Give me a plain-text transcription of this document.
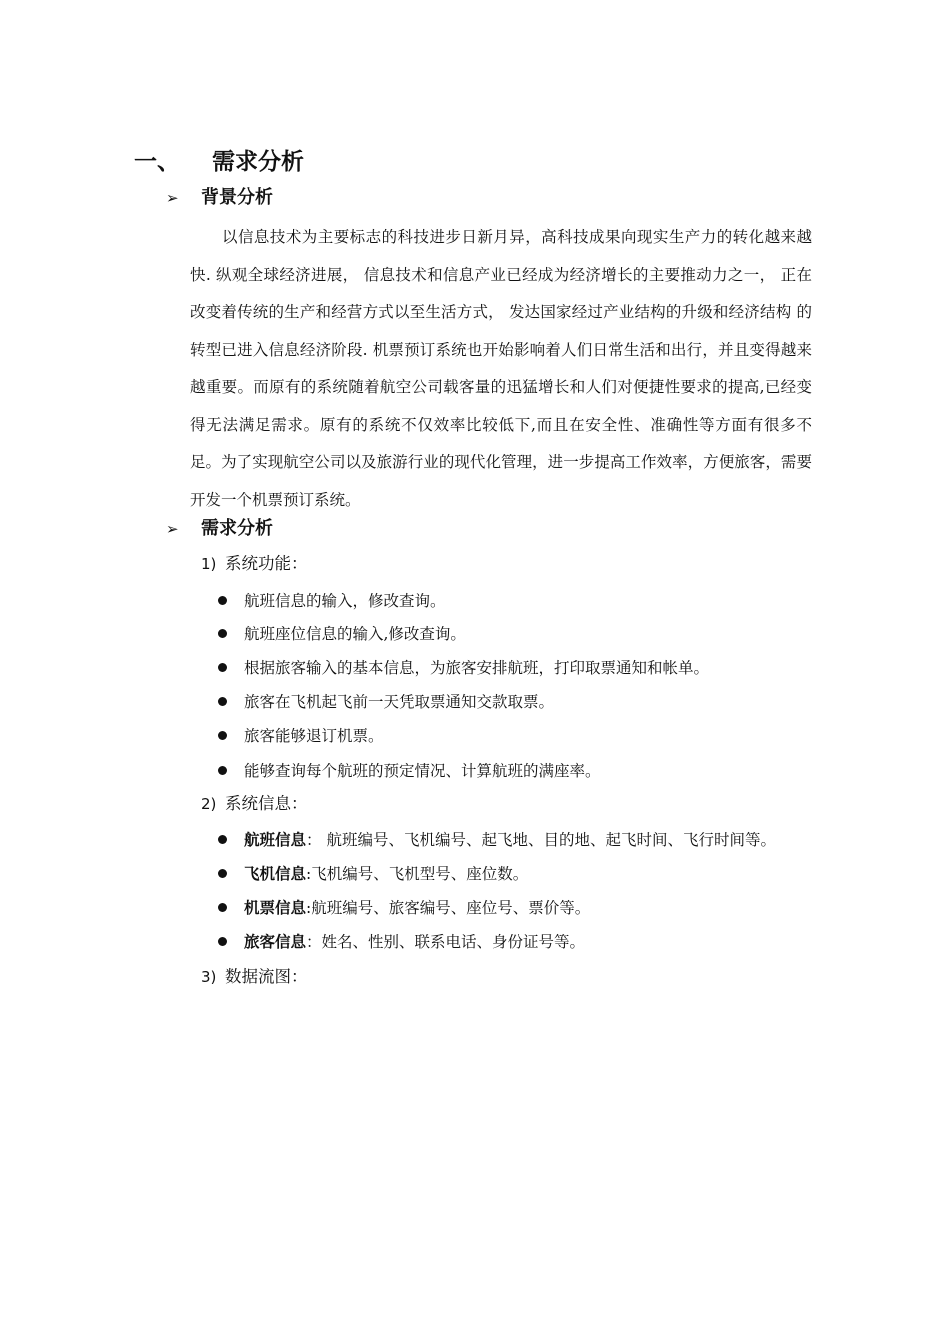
一、 需求分析
➢ 背景分析

以信息技术为主要标志的科技进步日新月异，高科技成果向现实生产力的转化越来越快. 纵观全球经济进展， 信息技术和信息产业已经成为经济增长的主要推动力之一， 正在改变着传统的生产和经营方式以至生活方式， 发达国家经过产业结构的升级和经济结构 的转型已进入信息经济阶段. 机票预订系统也开始影响着人们日常生活和出行，并且变得越来越重要。而原有的系统随着航空公司载客量的迅猛增长和人们对便捷性要求的提高,已经变得无法满足需求。原有的系统不仅效率比较低下,而且在安全性、准确性等方面有很多不足。为了实现航空公司以及旅游行业的现代化管理，进一步提高工作效率，方便旅客，需要开发一个机票预订系统。

➢ 需求分析
1) 系统功能：
航班信息的输入，修改查询。
航班座位信息的输入,修改查询。
根据旅客输入的基本信息，为旅客安排航班，打印取票通知和帐单。
旅客在飞机起飞前一天凭取票通知交款取票。
旅客能够退订机票。
能够查询每个航班的预定情况、计算航班的满座率。
2) 系统信息：
航班信息： 航班编号、飞机编号、起飞地、目的地、起飞时间、飞行时间等。
飞机信息:飞机编号、飞机型号、座位数。
机票信息:航班编号、旅客编号、座位号、票价等。
旅客信息：姓名、性别、联系电话、身份证号等。
3) 数据流图：
